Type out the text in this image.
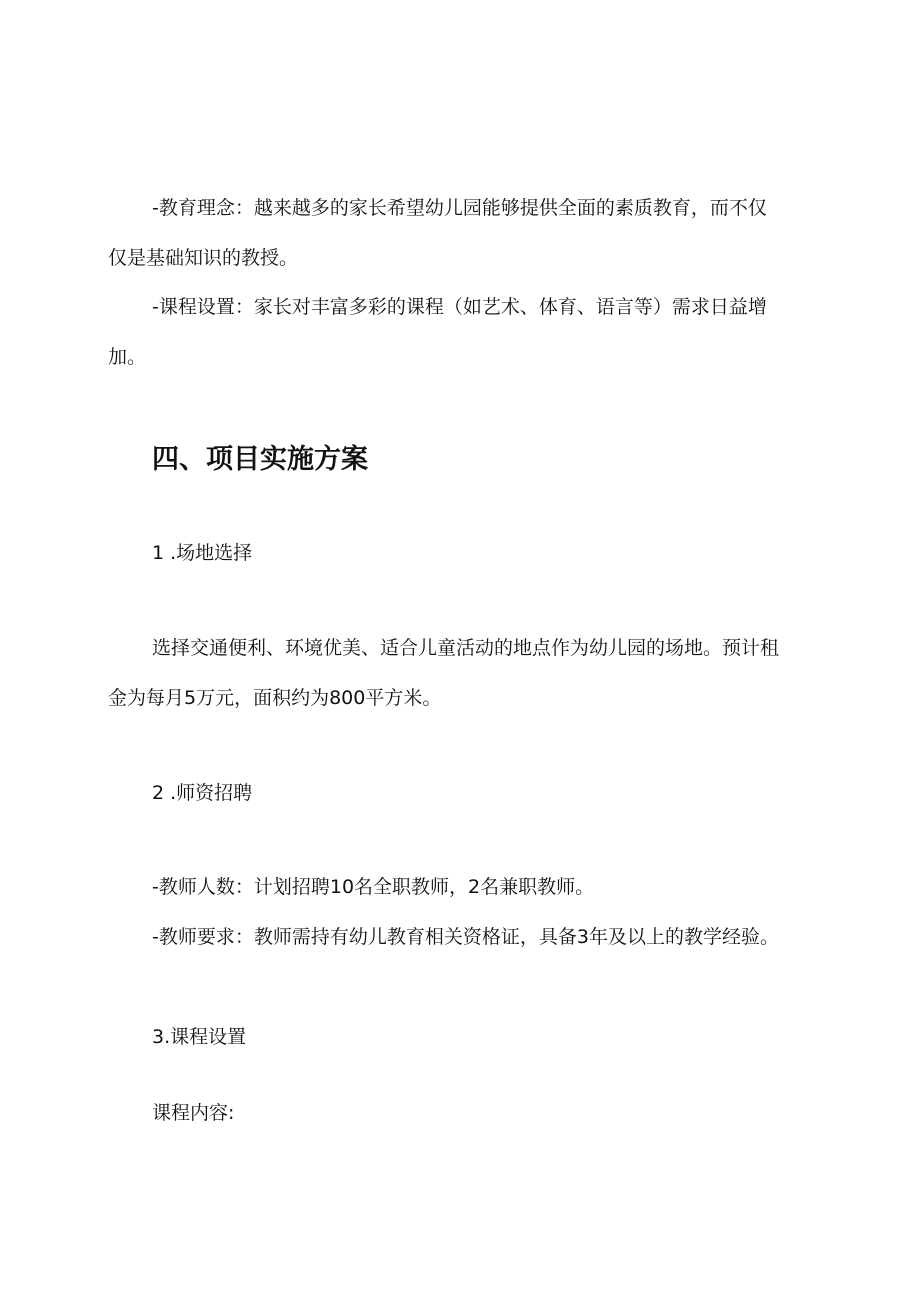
-教育理念：越来越多的家长希望幼儿园能够提供全面的素质教育，而不仅
仅是基础知识的教授。

-课程设置：家长对丰富多彩的课程（如艺术、体育、语言等）需求日益增
加。

四、项目实施方案

1 .场地选择

选择交通便利、环境优美、适合儿童活动的地点作为幼儿园的场地。预计租
金为每月5万元，面积约为800平方米。

2 .师资招聘

-教师人数：计划招聘10名全职教师，2名兼职教师。

-教师要求：教师需持有幼儿教育相关资格证，具备3年及以上的教学经验。

3.课程设置

课程内容:
